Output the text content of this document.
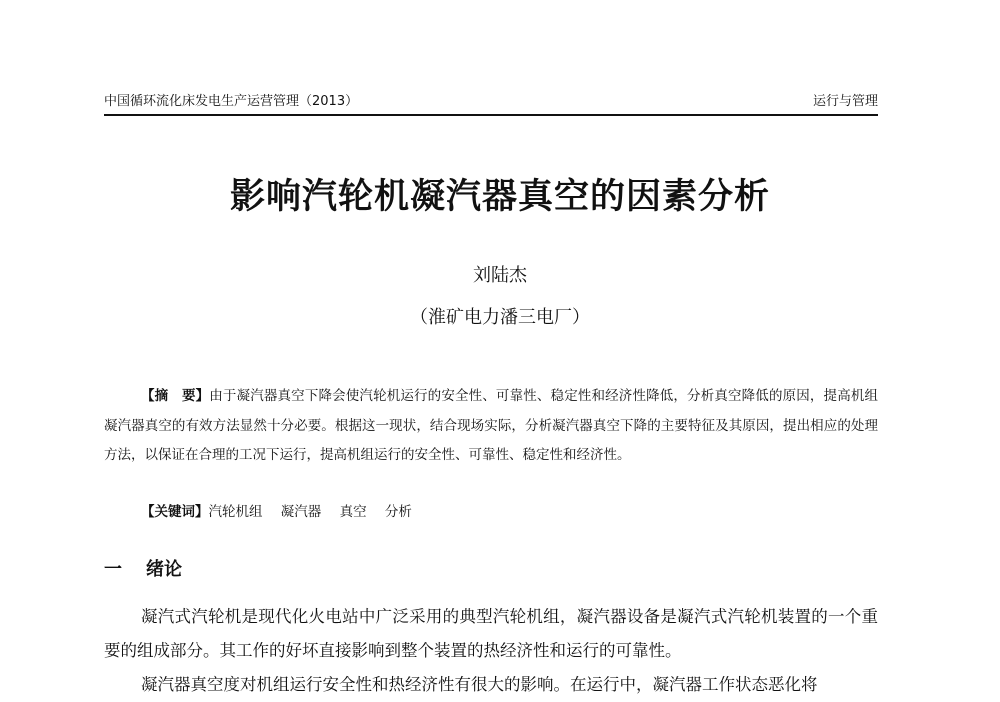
中国循环流化床发电生产运营管理（2013）	运行与管理
影响汽轮机凝汽器真空的因素分析
刘陆杰
（淮矿电力潘三电厂）

【摘　要】由于凝汽器真空下降会使汽轮机运行的安全性、可靠性、稳定性和经济性降低，分析真空降低的原因，提高机组凝汽器真空的有效方法显然十分必要。根据这一现状，结合现场实际，分析凝汽器真空下降的主要特征及其原因，提出相应的处理方法，以保证在合理的工况下运行，提高机组运行的安全性、可靠性、稳定性和经济性。

【关键词】汽轮机组 凝汽器 真空 分析
一 绪论

凝汽式汽轮机是现代化火电站中广泛采用的典型汽轮机组，凝汽器设备是凝汽式汽轮机装置的一个重要的组成部分。其工作的好坏直接影响到整个装置的热经济性和运行的可靠性。

凝汽器真空度对机组运行安全性和热经济性有很大的影响。在运行中，凝汽器工作状态恶化将
